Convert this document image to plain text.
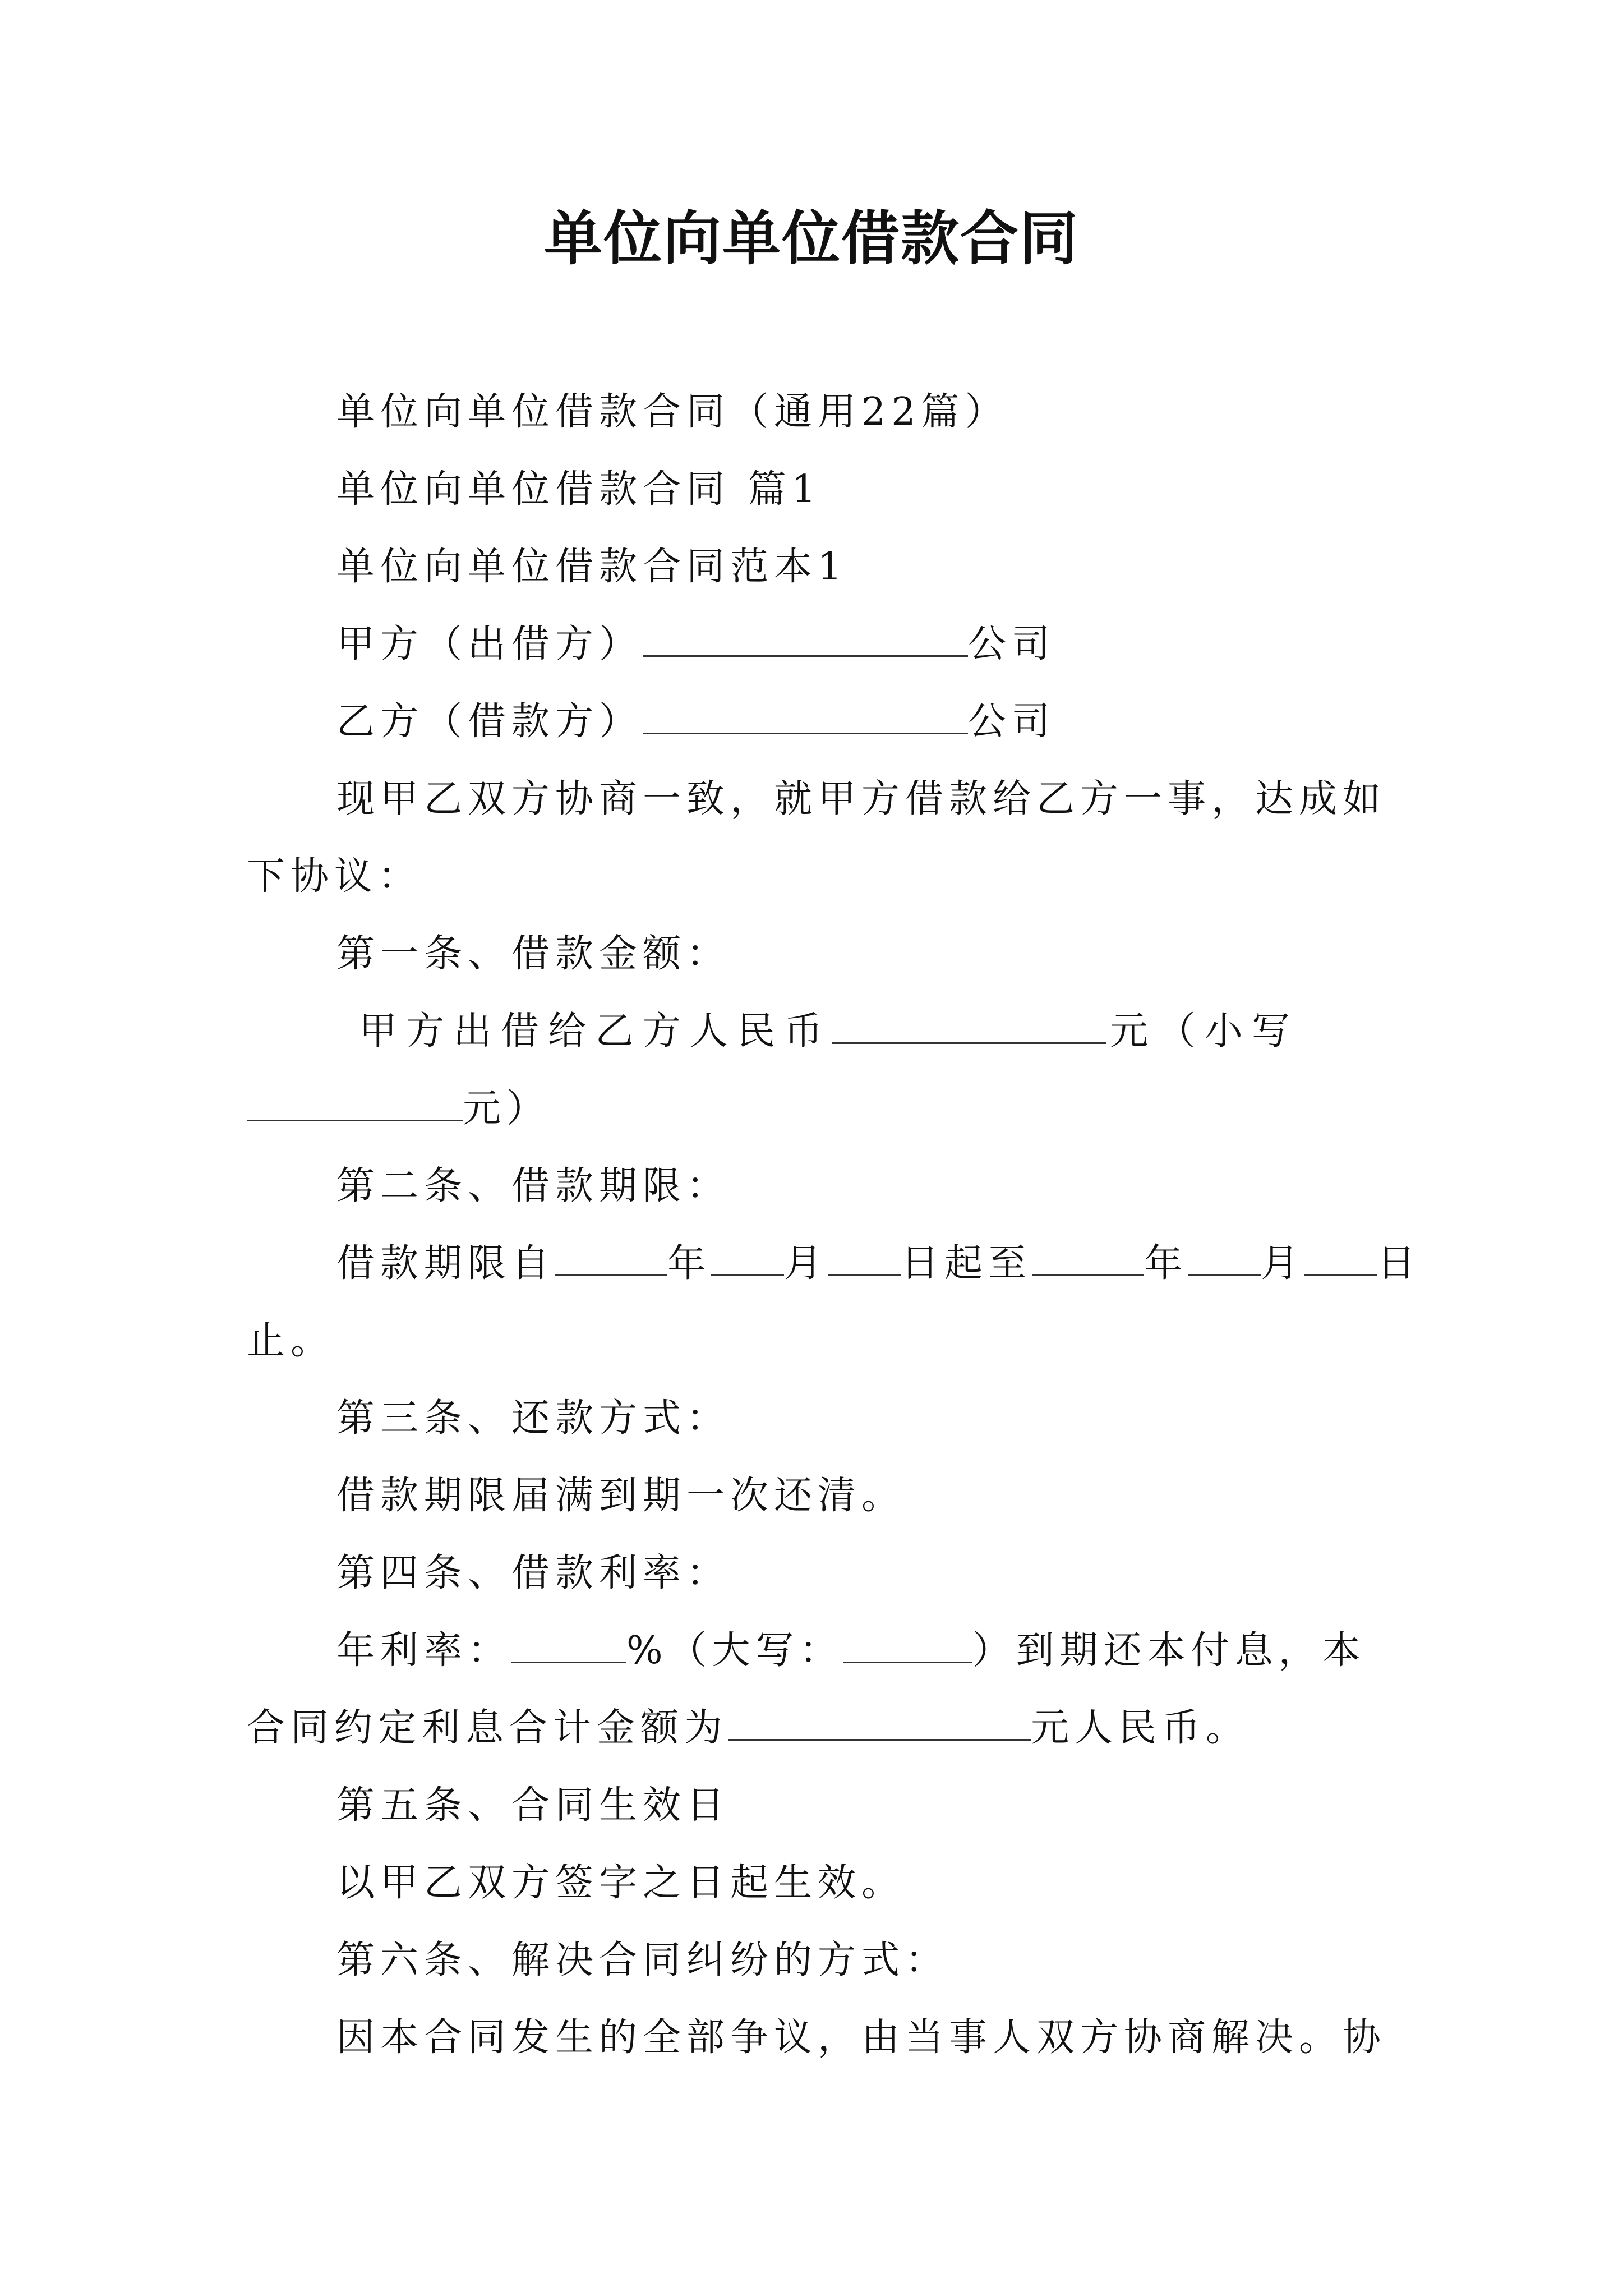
单位向单位借款合同
单位向单位借款合同（通用22篇）
单位向单位借款合同 篇1
单位向单位借款合同范本1
甲方（出借方）	公司
乙方（借款方）	公司
现甲乙双方协商一致，就甲方借款给乙方一事，达成如
下协议：
第一条、借款金额：
甲方出借给乙方人民币	元（小写
元）
第二条、借款期限：
借款期限自	年 月 日起至	年 月 日
止。
第三条、还款方式：
借款期限届满到期一次还清。
第四条、借款利率：
年利率：	%（大写：	）到期还本付息，本
合同约定利息合计金额为	元人民币。
第五条、合同生效日
以甲乙双方签字之日起生效。
第六条、解决合同纠纷的方式：
因本合同发生的全部争议，由当事人双方协商解决。协
